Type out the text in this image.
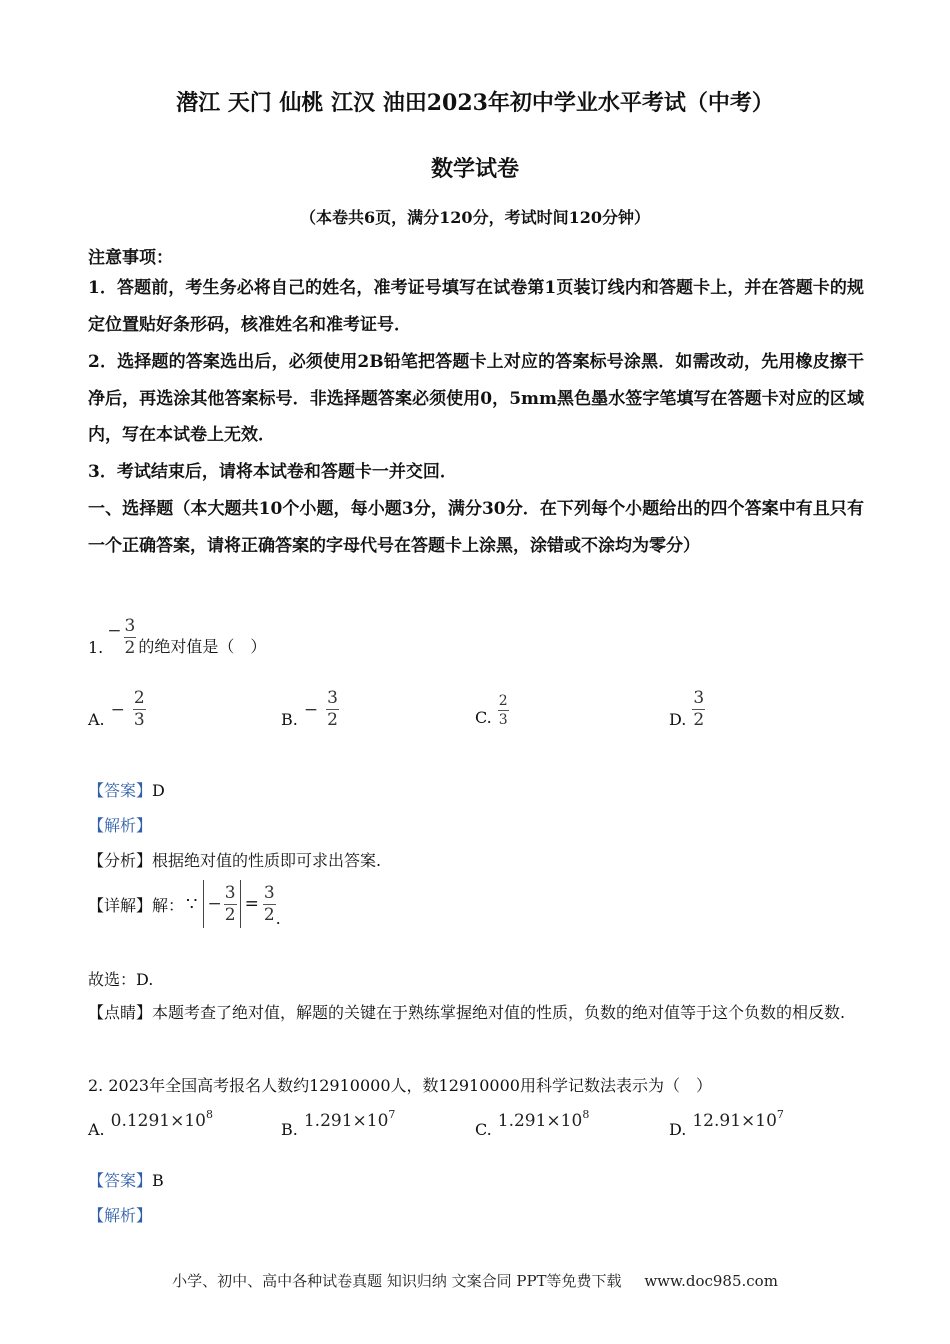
潜江 天门 仙桃 江汉 油田2023年初中学业水平考试（中考）
数学试卷
（本卷共6页，满分120分，考试时间120分钟）
注意事项：
1．答题前，考生务必将自己的姓名，准考证号填写在试卷第1页装订线内和答题卡上，并在答题卡的规定位置贴好条形码，核准姓名和准考证号．
2．选择题的答案选出后，必须使用2B铅笔把答题卡上对应的答案标号涂黑．如需改动，先用橡皮擦干净后，再选涂其他答案标号．非选择题答案必须使用0，5mm黑色墨水签字笔填写在答题卡对应的区域内，写在本试卷上无效．
3．考试结束后，请将本试卷和答题卡一并交回．
一、选择题（本大题共10个小题，每小题3分，满分30分．在下列每个小题给出的四个答案中有且只有一个正确答案，请将正确答案的字母代号在答题卡上涂黑，涂错或不涂均为零分）
1.
− $\frac{3}{2}$ 的绝对值是（　）
A. − $\frac{2}{3}$	B. − $\frac{3}{2}$	C. $\frac{2}{3}$	D. $\frac{3}{2}$
【答案】D
【解析】
【分析】根据绝对值的性质即可求出答案.
【详解】 解： ∵ − $\frac{3}{2} = \frac{3}{2}$ .
故选：D.
【点睛】本题考查了绝对值，解题的关键在于熟练掌握绝对值的性质，负数的绝对值等于这个负数的相反数.
2. 2023年全国高考报名人数约12910000人，数12910000用科学记数法表示为（　）
A. $0.1291\times 10^8$
B. $1.291\times 10^7$
C. $1.291\times 10^8$
D. $12.91\times 10^7$
【答案】B
【解析】
小学、初中、高中各种试卷真题 知识归纳 文案合同 PPT等免费下载 www.doc985.com
